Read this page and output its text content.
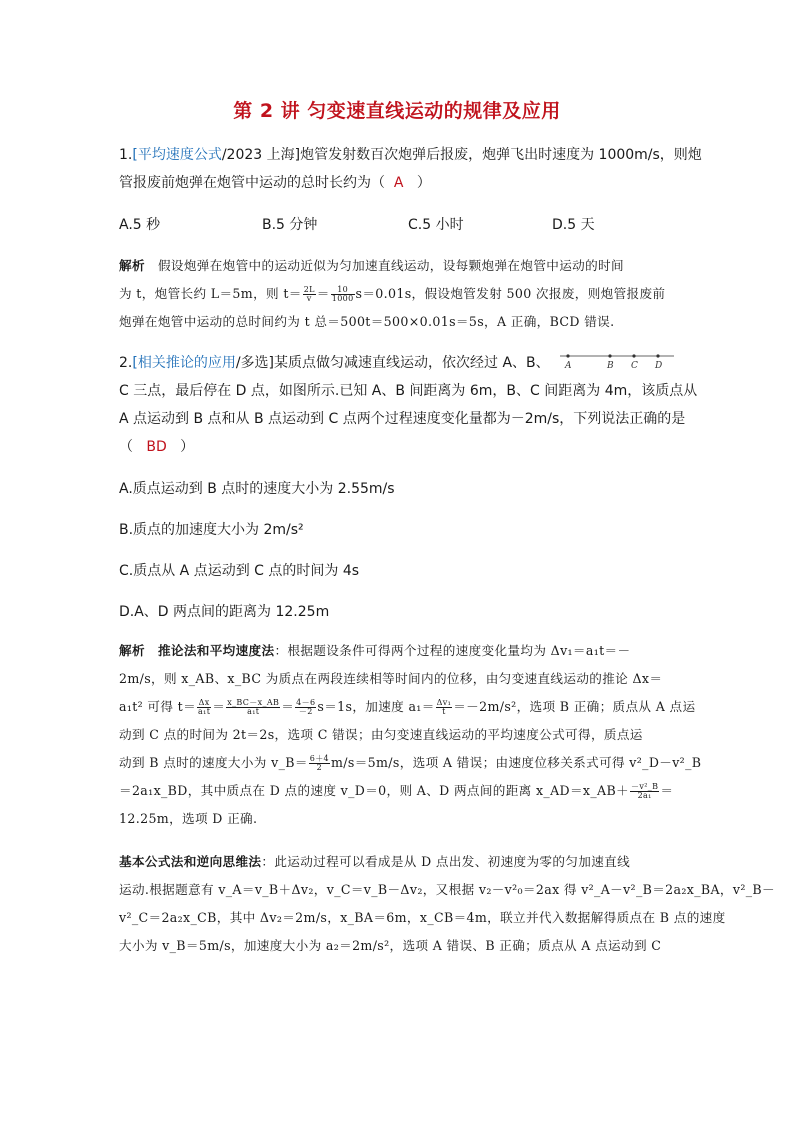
第 2 讲 匀变速直线运动的规律及应用
1.[平均速度公式/2023 上海]炮管发射数百次炮弹后报废，炮弹飞出时速度为 1000m/s，则炮
管报废前炮弹在炮管中运动的总时长约为（ A ）
A.5 秒	B.5 分钟	C.5 小时	D.5 天
解析 假设炮弹在炮管中的运动近似为匀加速直线运动，设每颗炮弹在炮管中运动的时间
为 t，炮管长约 L＝5m，则 $t= \frac{2L}{v} = \frac{10}{1000} s=0.01s$，假设炮管发射 500 次报废，则炮管报废前
炮弹在炮管中运动的总时间约为 t 总＝500t＝500×0.01s＝5s，A 正确，BCD 错误.
2.[相关推论的应用/多选]某质点做匀减速直线运动，依次经过 A、B、 A	B C D
C 三点，最后停在 D 点，如图所示.已知 A、B 间距离为 6m，B、C 间距离为 4m，该质点从
A 点运动到 B 点和从 B 点运动到 C 点两个过程速度变化量都为－2m/s，下列说法正确的是
（ BD ）
A.质点运动到 B 点时的速度大小为 2.55m/s
B.质点的加速度大小为 2m/s²
C.质点从 A 点运动到 C 点的时间为 4s
D.A、D 两点间的距离为 12.25m
解析 推论法和平均速度法：根据题设条件可得两个过程的速度变化量均为 Δv₁＝a₁t＝－
2m/s，则 x_AB、x_BC 为质点在两段连续相等时间内的位移，由匀变速直线运动的推论 Δx＝
a₁t² 可得 $t= \frac{\Delta x}{\text{a₁t}} = \frac{x\_BC-x\_AB}{\text{a₁t}} = \frac{4-6}{-2} s=1s$，加速度 $a_1= \frac{\text{Δv₁}}{t} =-2m/s^2$，选项 B 正确；质点从 A 点运
动到 C 点的时间为 2t＝2s，选项 C 错误；由匀变速直线运动的平均速度公式可得，质点运
动到 B 点时的速度大小为 v_B＝ $\frac{6+4}{2} m/s=5m/s$，选项 A 错误；由速度位移关系式可得 v²_D－v²_B
＝2a₁x_BD，其中质点在 D 点的速度 v_D＝0，则 A、D 两点间的距离 x_AD＝x_AB＋ $\frac{\text{－v²\_B}}{\text{2a₁}}$ ＝
12.25m，选项 D 正确.
基本公式法和逆向思维法：此运动过程可以看成是从 D 点出发、初速度为零的匀加速直线
运动.根据题意有 v_A＝v_B＋Δv₂，v_C＝v_B－Δv₂，又根据 v₂－v²₀＝2ax 得 v²_A－v²_B＝2a₂x_BA，v²_B－
v²_C＝2a₂x_CB，其中 Δv₂＝2m/s，x_BA＝6m，x_CB＝4m，联立并代入数据解得质点在 B 点的速度
大小为 v_B＝5m/s，加速度大小为 a₂＝2m/s²，选项 A 错误、B 正确；质点从 A 点运动到 C
